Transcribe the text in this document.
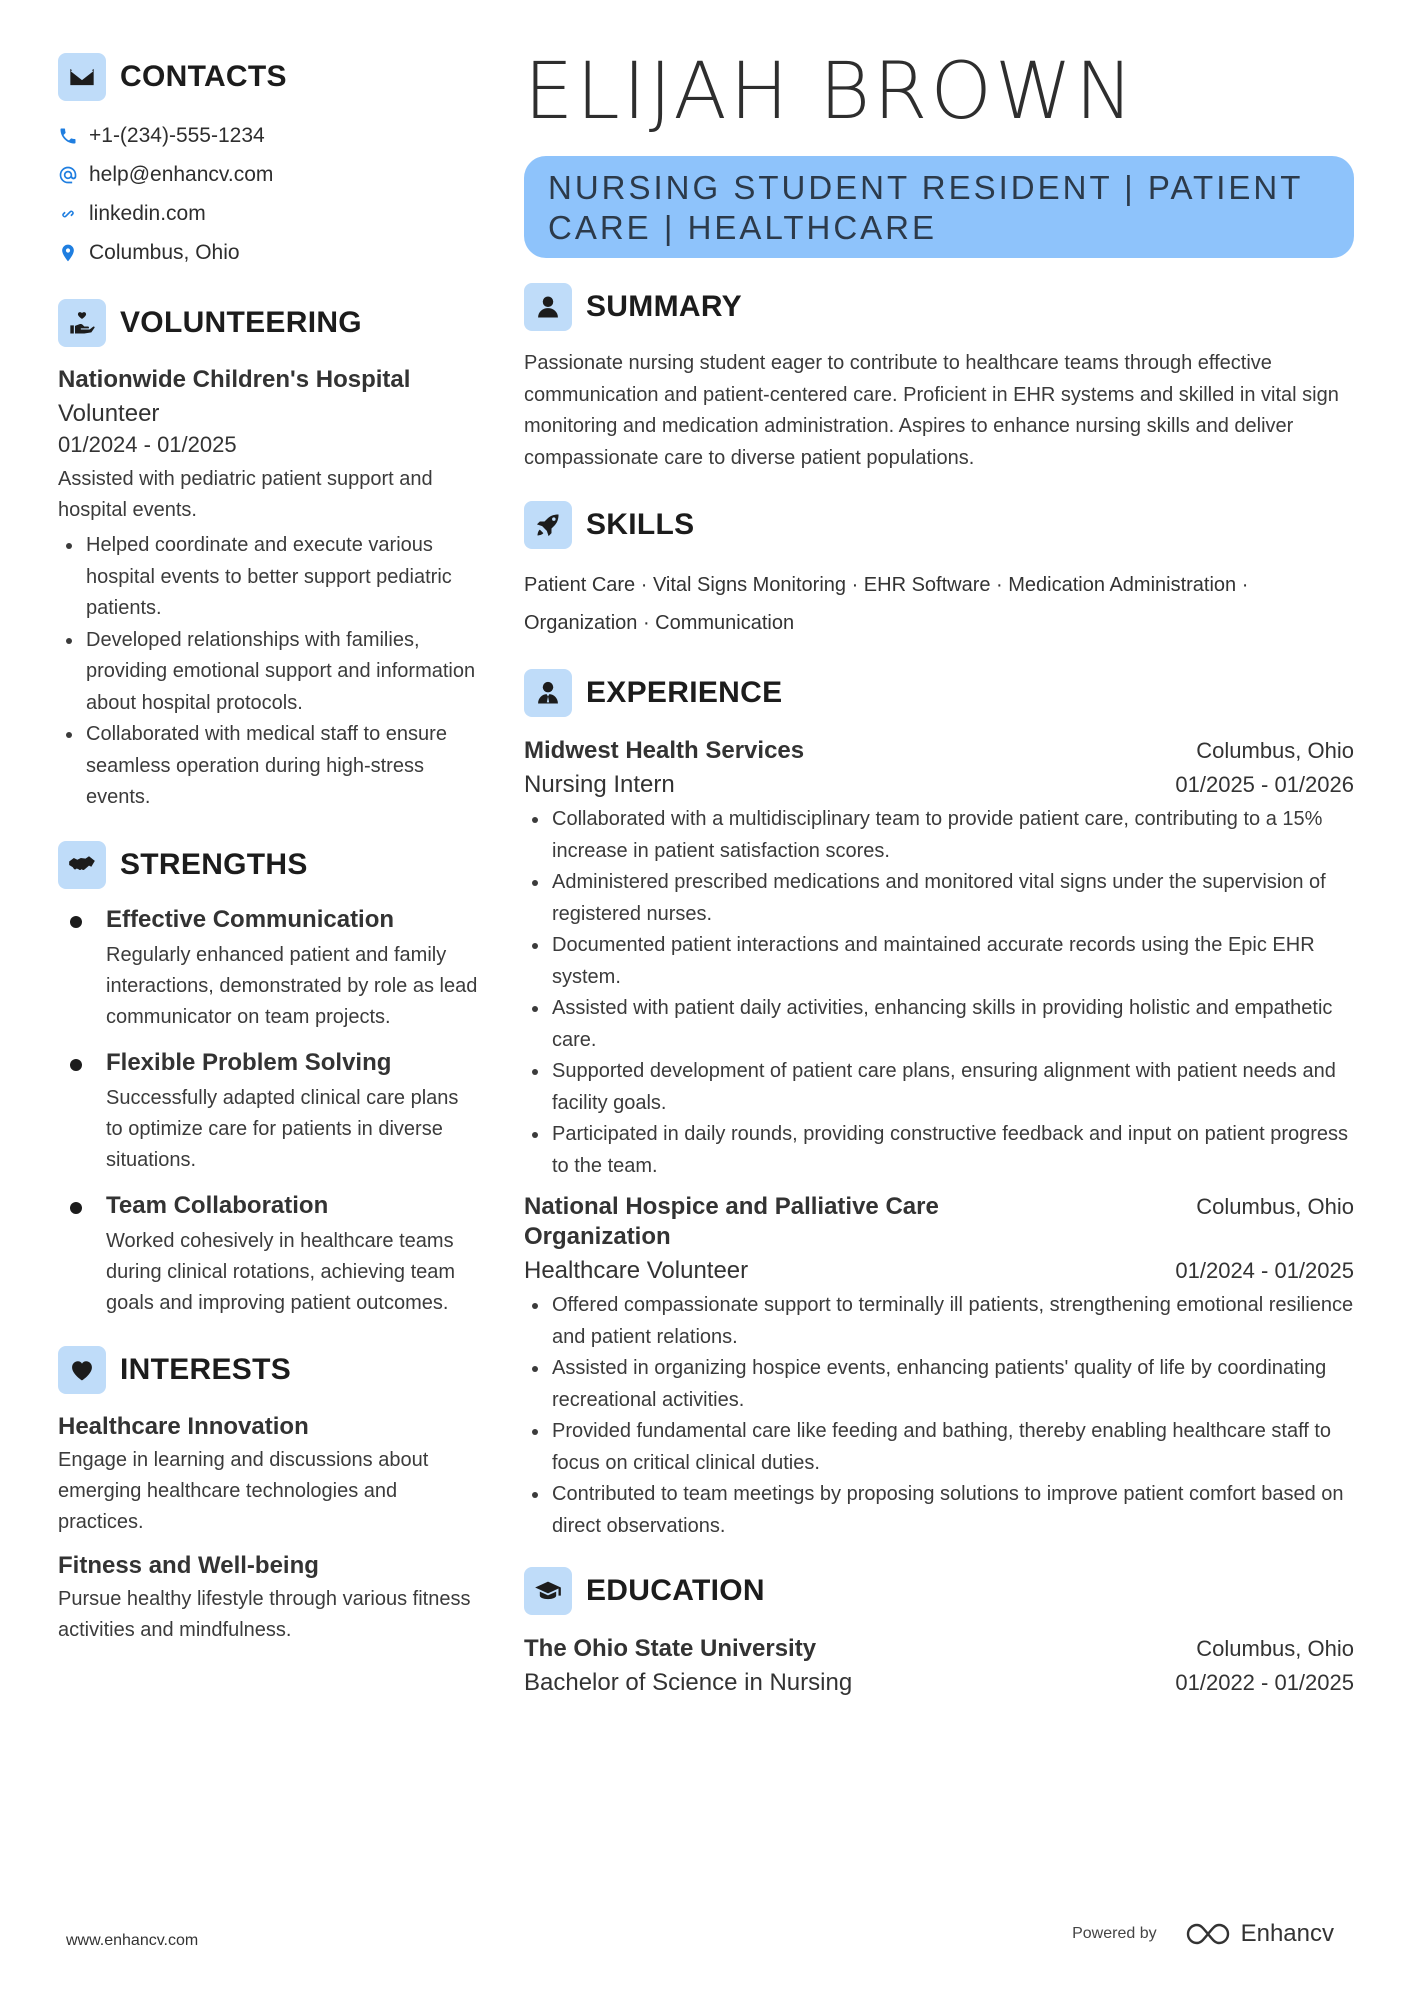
CONTACTS
+1-(234)-555-1234
help@enhancv.com
linkedin.com
Columbus, Ohio
VOLUNTEERING
Nationwide Children's Hospital
Volunteer
01/2024 - 01/2025
Assisted with pediatric patient support and hospital events.
Helped coordinate and execute various hospital events to better support pediatric patients.
Developed relationships with families, providing emotional support and information about hospital protocols.
Collaborated with medical staff to ensure seamless operation during high-stress events.
STRENGTHS
Effective Communication
Regularly enhanced patient and family interactions, demonstrated by role as lead communicator on team projects.
Flexible Problem Solving
Successfully adapted clinical care plans to optimize care for patients in diverse situations.
Team Collaboration
Worked cohesively in healthcare teams during clinical rotations, achieving team goals and improving patient outcomes.
INTERESTS
Healthcare Innovation
Engage in learning and discussions about emerging healthcare technologies and practices.
Fitness and Well-being
Pursue healthy lifestyle through various fitness activities and mindfulness.
ELIJAH BROWN
NURSING STUDENT RESIDENT | PATIENT CARE | HEALTHCARE
SUMMARY
Passionate nursing student eager to contribute to healthcare teams through effective communication and patient-centered care. Proficient in EHR systems and skilled in vital sign monitoring and medication administration. Aspires to enhance nursing skills and deliver compassionate care to diverse patient populations.
SKILLS
Patient Care · Vital Signs Monitoring · EHR Software · Medication Administration · Organization · Communication
EXPERIENCE
Midwest Health Services	Columbus, Ohio
Nursing Intern	01/2025 - 01/2026
Collaborated with a multidisciplinary team to provide patient care, contributing to a 15% increase in patient satisfaction scores.
Administered prescribed medications and monitored vital signs under the supervision of registered nurses.
Documented patient interactions and maintained accurate records using the Epic EHR system.
Assisted with patient daily activities, enhancing skills in providing holistic and empathetic care.
Supported development of patient care plans, ensuring alignment with patient needs and facility goals.
Participated in daily rounds, providing constructive feedback and input on patient progress to the team.
National Hospice and Palliative Care Organization
Columbus, Ohio
Healthcare Volunteer	01/2024 - 01/2025
Offered compassionate support to terminally ill patients, strengthening emotional resilience and patient relations.
Assisted in organizing hospice events, enhancing patients' quality of life by coordinating recreational activities.
Provided fundamental care like feeding and bathing, thereby enabling healthcare staff to focus on critical clinical duties.
Contributed to team meetings by proposing solutions to improve patient comfort based on direct observations.
EDUCATION
The Ohio State University	Columbus, Ohio
Bachelor of Science in Nursing	01/2022 - 01/2025
www.enhancv.com	Powered by	Enhancv
